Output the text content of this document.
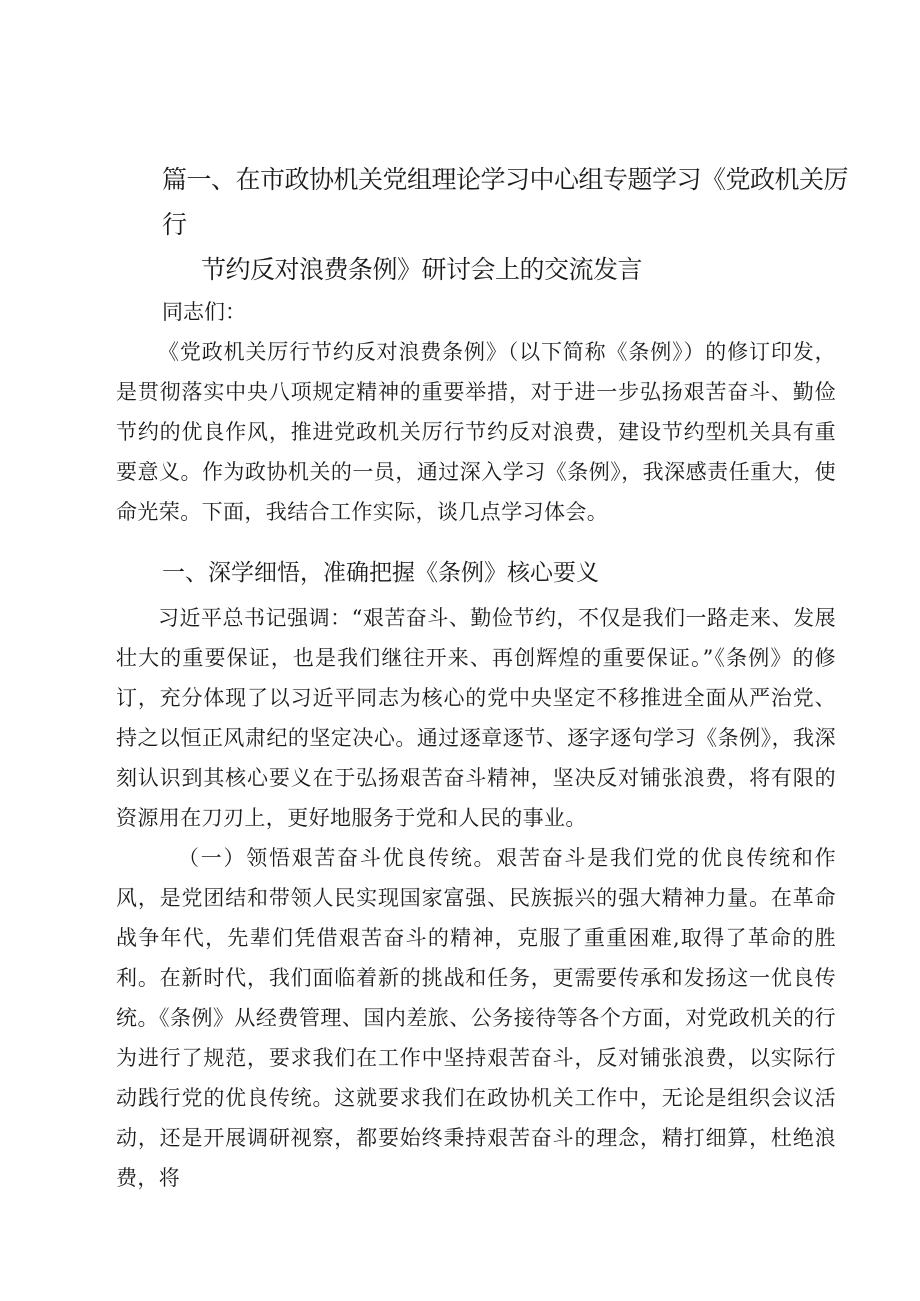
篇一、在市政协机关党组理论学习中心组专题学习《党政机关厉行
节约反对浪费条例》研讨会上的交流发言

同志们：

《党政机关厉行节约反对浪费条例》（以下简称《条例》）的修订印发，是贯彻落实中央八项规定精神的重要举措，对于进一步弘扬艰苦奋斗、勤俭节约的优良作风，推进党政机关厉行节约反对浪费，建设节约型机关具有重要意义。作为政协机关的一员，通过深入学习《条例》，我深感责任重大，使命光荣。下面，我结合工作实际，谈几点学习体会。

一、深学细悟，准确把握《条例》核心要义

习近平总书记强调：“艰苦奋斗、勤俭节约，不仅是我们一路走来、发展壮大的重要保证，也是我们继往开来、再创辉煌的重要保证。”《条例》的修订，充分体现了以习近平同志为核心的党中央坚定不移推进全面从严治党、持之以恒正风肃纪的坚定决心。通过逐章逐节、逐字逐句学习《条例》，我深刻认识到其核心要义在于弘扬艰苦奋斗精神，坚决反对铺张浪费，将有限的资源用在刀刃上，更好地服务于党和人民的事业。

（一）领悟艰苦奋斗优良传统。艰苦奋斗是我们党的优良传统和作风，是党团结和带领人民实现国家富强、民族振兴的强大精神力量。在革命战争年代，先辈们凭借艰苦奋斗的精神，克服了重重困难,取得了革命的胜利。在新时代，我们面临着新的挑战和任务，更需要传承和发扬这一优良传统。《条例》从经费管理、国内差旅、公务接待等各个方面，对党政机关的行为进行了规范，要求我们在工作中坚持艰苦奋斗，反对铺张浪费，以实际行动践行党的优良传统。这就要求我们在政协机关工作中，无论是组织会议活动，还是开展调研视察，都要始终秉持艰苦奋斗的理念，精打细算，杜绝浪费，将
